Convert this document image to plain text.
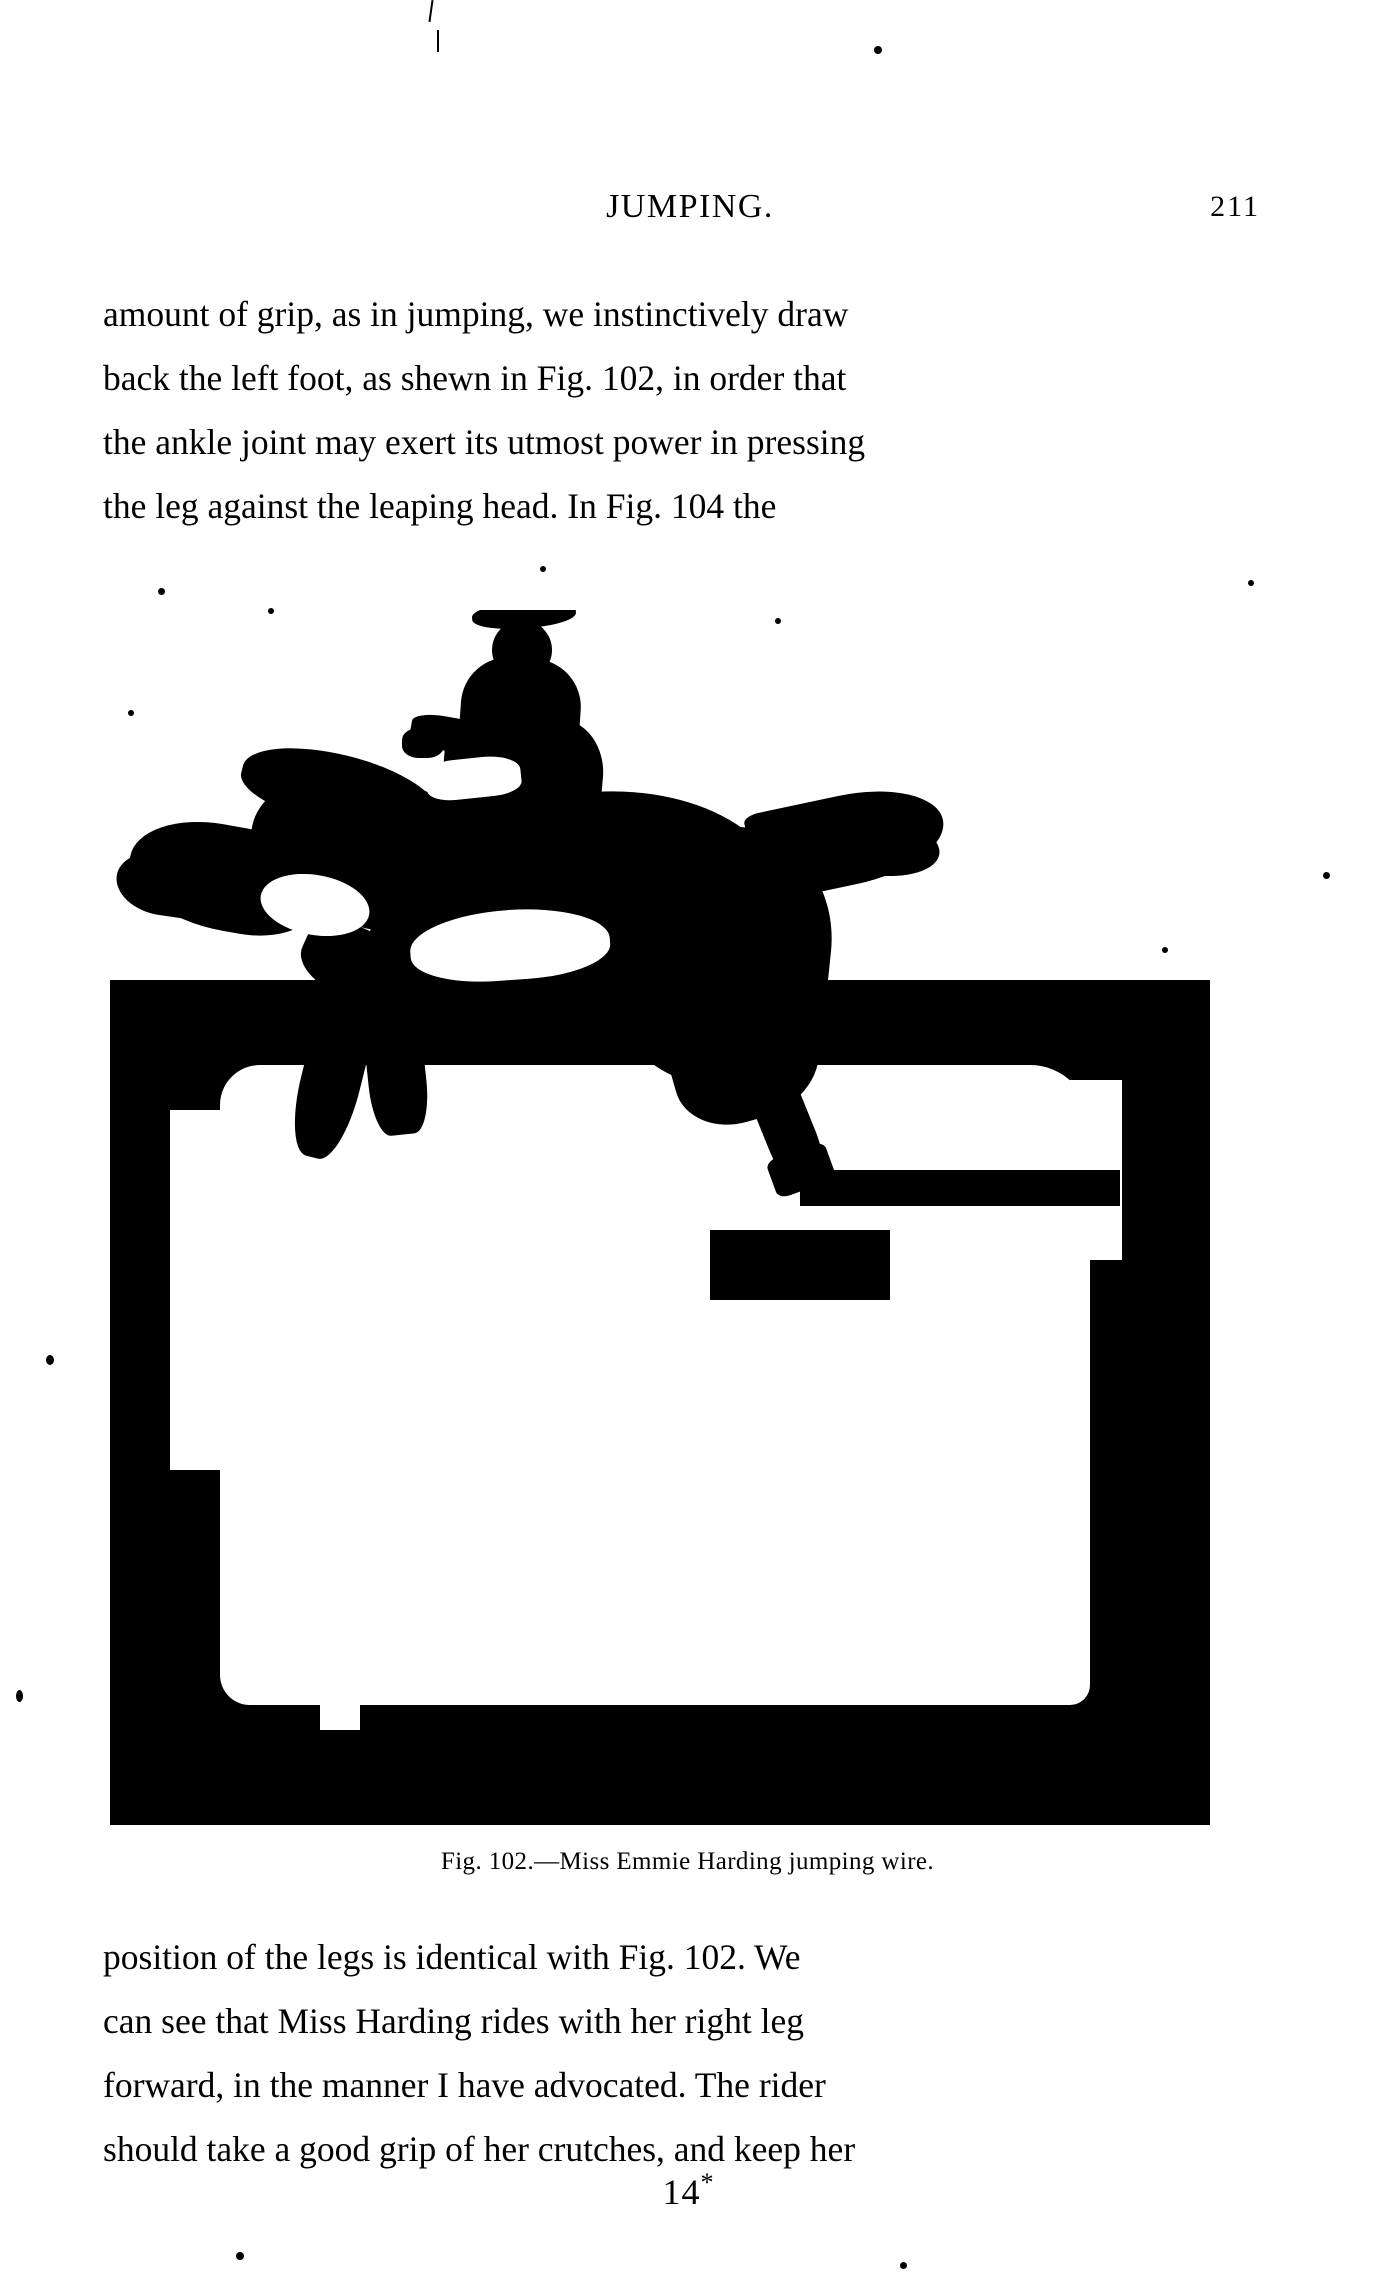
JUMPING.	211

amount of grip, as in jumping, we instinctively draw
back the left foot, as shewn in Fig. 102, in order that
the ankle joint may exert its utmost power in pressing
the leg against the leaping head. In Fig. 104 the

Fig. 102.—Miss Emmie Harding jumping wire.

position of the legs is identical with Fig. 102. We
can see that Miss Harding rides with her right leg
forward, in the manner I have advocated. The rider
should take a good grip of her crutches, and keep her

14*
